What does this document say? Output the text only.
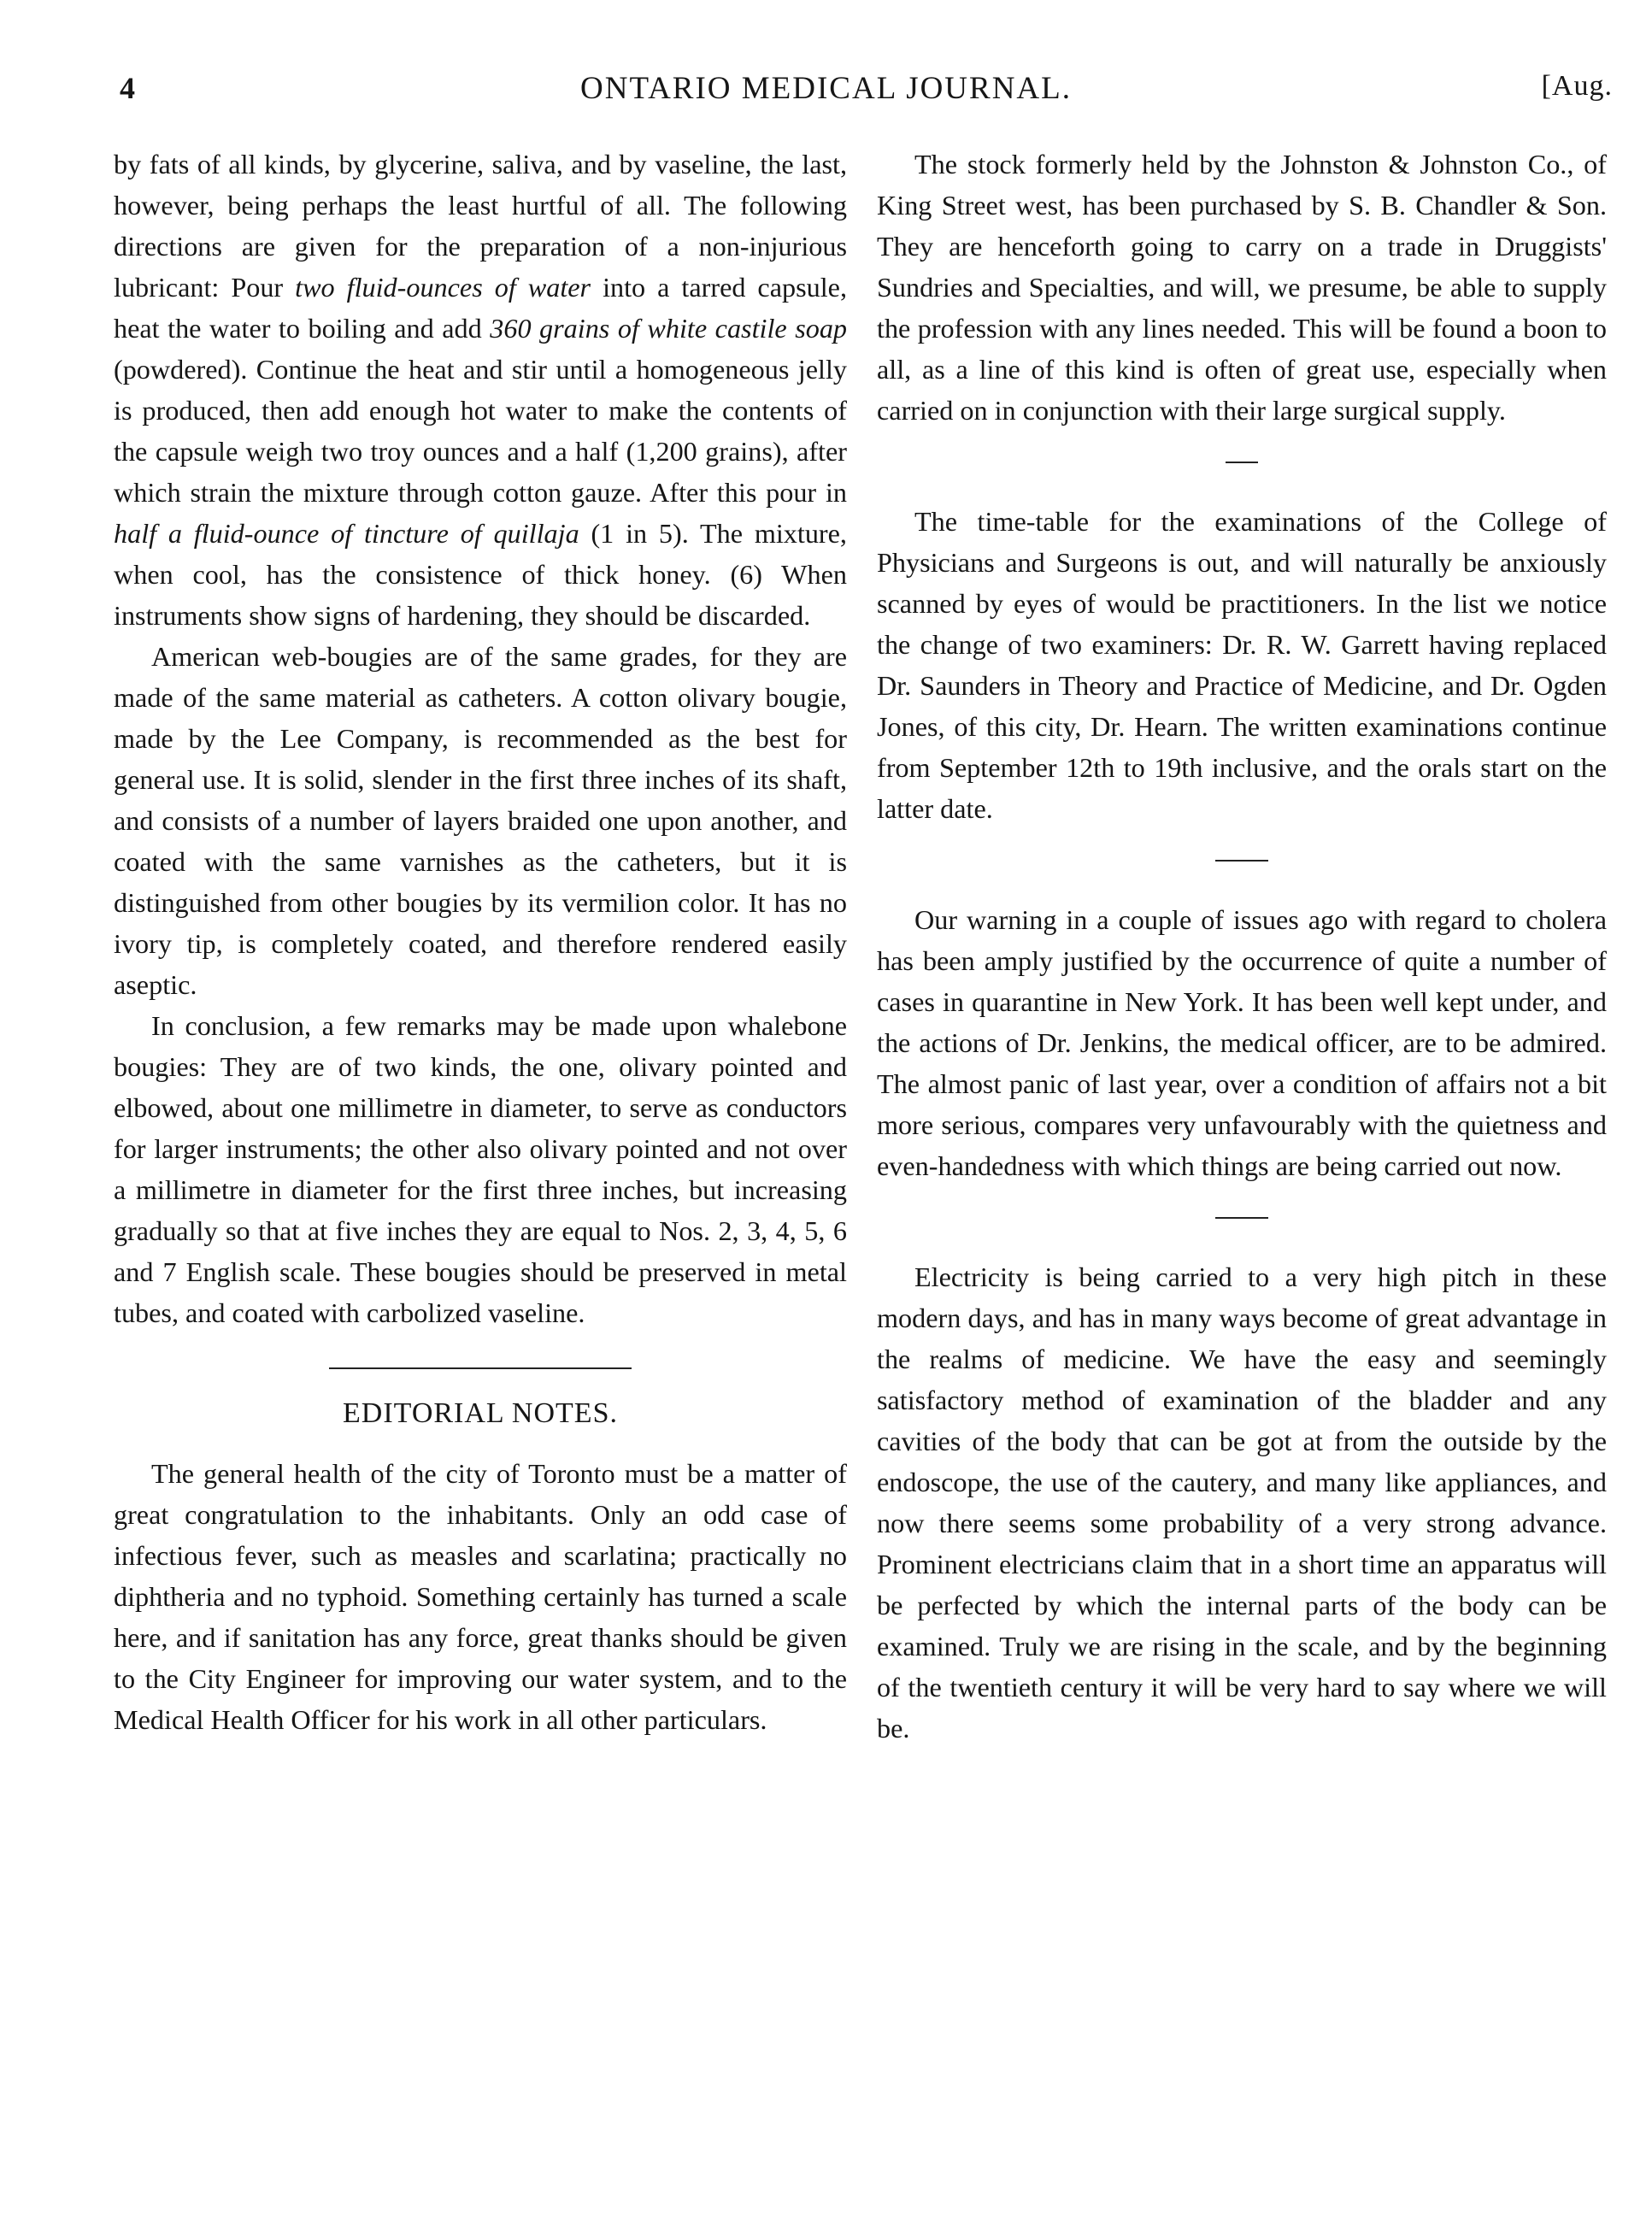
ONTARIO MEDICAL JOURNAL.
4	[Aug.

by fats of all kinds, by glycerine, saliva, and by vaseline, the last, however, being perhaps the least hurtful of all. The following directions are given for the preparation of a non-injurious lubricant: Pour two fluid-ounces of water into a tarred capsule, heat the water to boiling and add 360 grains of white castile soap (powdered). Continue the heat and stir until a homogeneous jelly is produced, then add enough hot water to make the contents of the capsule weigh two troy ounces and a half (1,200 grains), after which strain the mixture through cotton gauze. After this pour in half a fluid-ounce of tincture of quillaja (1 in 5). The mixture, when cool, has the consistence of thick honey. (6) When instruments show signs of hardening, they should be discarded.

American web-bougies are of the same grades, for they are made of the same material as catheters. A cotton olivary bougie, made by the Lee Company, is recommended as the best for general use. It is solid, slender in the first three inches of its shaft, and consists of a number of layers braided one upon another, and coated with the same varnishes as the catheters, but it is distinguished from other bougies by its vermilion color. It has no ivory tip, is completely coated, and therefore rendered easily aseptic.

In conclusion, a few remarks may be made upon whalebone bougies: They are of two kinds, the one, olivary pointed and elbowed, about one millimetre in diameter, to serve as conductors for larger instruments; the other also olivary pointed and not over a millimetre in diameter for the first three inches, but increasing gradually so that at five inches they are equal to Nos. 2, 3, 4, 5, 6 and 7 English scale. These bougies should be preserved in metal tubes, and coated with carbolized vaseline.

EDITORIAL NOTES.

The general health of the city of Toronto must be a matter of great congratulation to the inhabitants. Only an odd case of infectious fever, such as measles and scarlatina; practically no diphtheria and no typhoid. Something certainly has turned a scale here, and if sanitation has any force, great thanks should be given to the City Engineer for improving our water system, and to the Medical Health Officer for his work in all other particulars.

The stock formerly held by the Johnston & Johnston Co., of King Street west, has been purchased by S. B. Chandler & Son. They are henceforth going to carry on a trade in Druggists' Sundries and Specialties, and will, we presume, be able to supply the profession with any lines needed. This will be found a boon to all, as a line of this kind is often of great use, especially when carried on in conjunction with their large surgical supply.

The time-table for the examinations of the College of Physicians and Surgeons is out, and will naturally be anxiously scanned by eyes of would be practitioners. In the list we notice the change of two examiners: Dr. R. W. Garrett having replaced Dr. Saunders in Theory and Practice of Medicine, and Dr. Ogden Jones, of this city, Dr. Hearn. The written examinations continue from September 12th to 19th inclusive, and the orals start on the latter date.

Our warning in a couple of issues ago with regard to cholera has been amply justified by the occurrence of quite a number of cases in quarantine in New York. It has been well kept under, and the actions of Dr. Jenkins, the medical officer, are to be admired. The almost panic of last year, over a condition of affairs not a bit more serious, compares very unfavourably with the quietness and even-handedness with which things are being carried out now.

Electricity is being carried to a very high pitch in these modern days, and has in many ways become of great advantage in the realms of medicine. We have the easy and seemingly satisfactory method of examination of the bladder and any cavities of the body that can be got at from the outside by the endoscope, the use of the cautery, and many like appliances, and now there seems some probability of a very strong advance. Prominent electricians claim that in a short time an apparatus will be perfected by which the internal parts of the body can be examined. Truly we are rising in the scale, and by the beginning of the twentieth century it will be very hard to say where we will be.
